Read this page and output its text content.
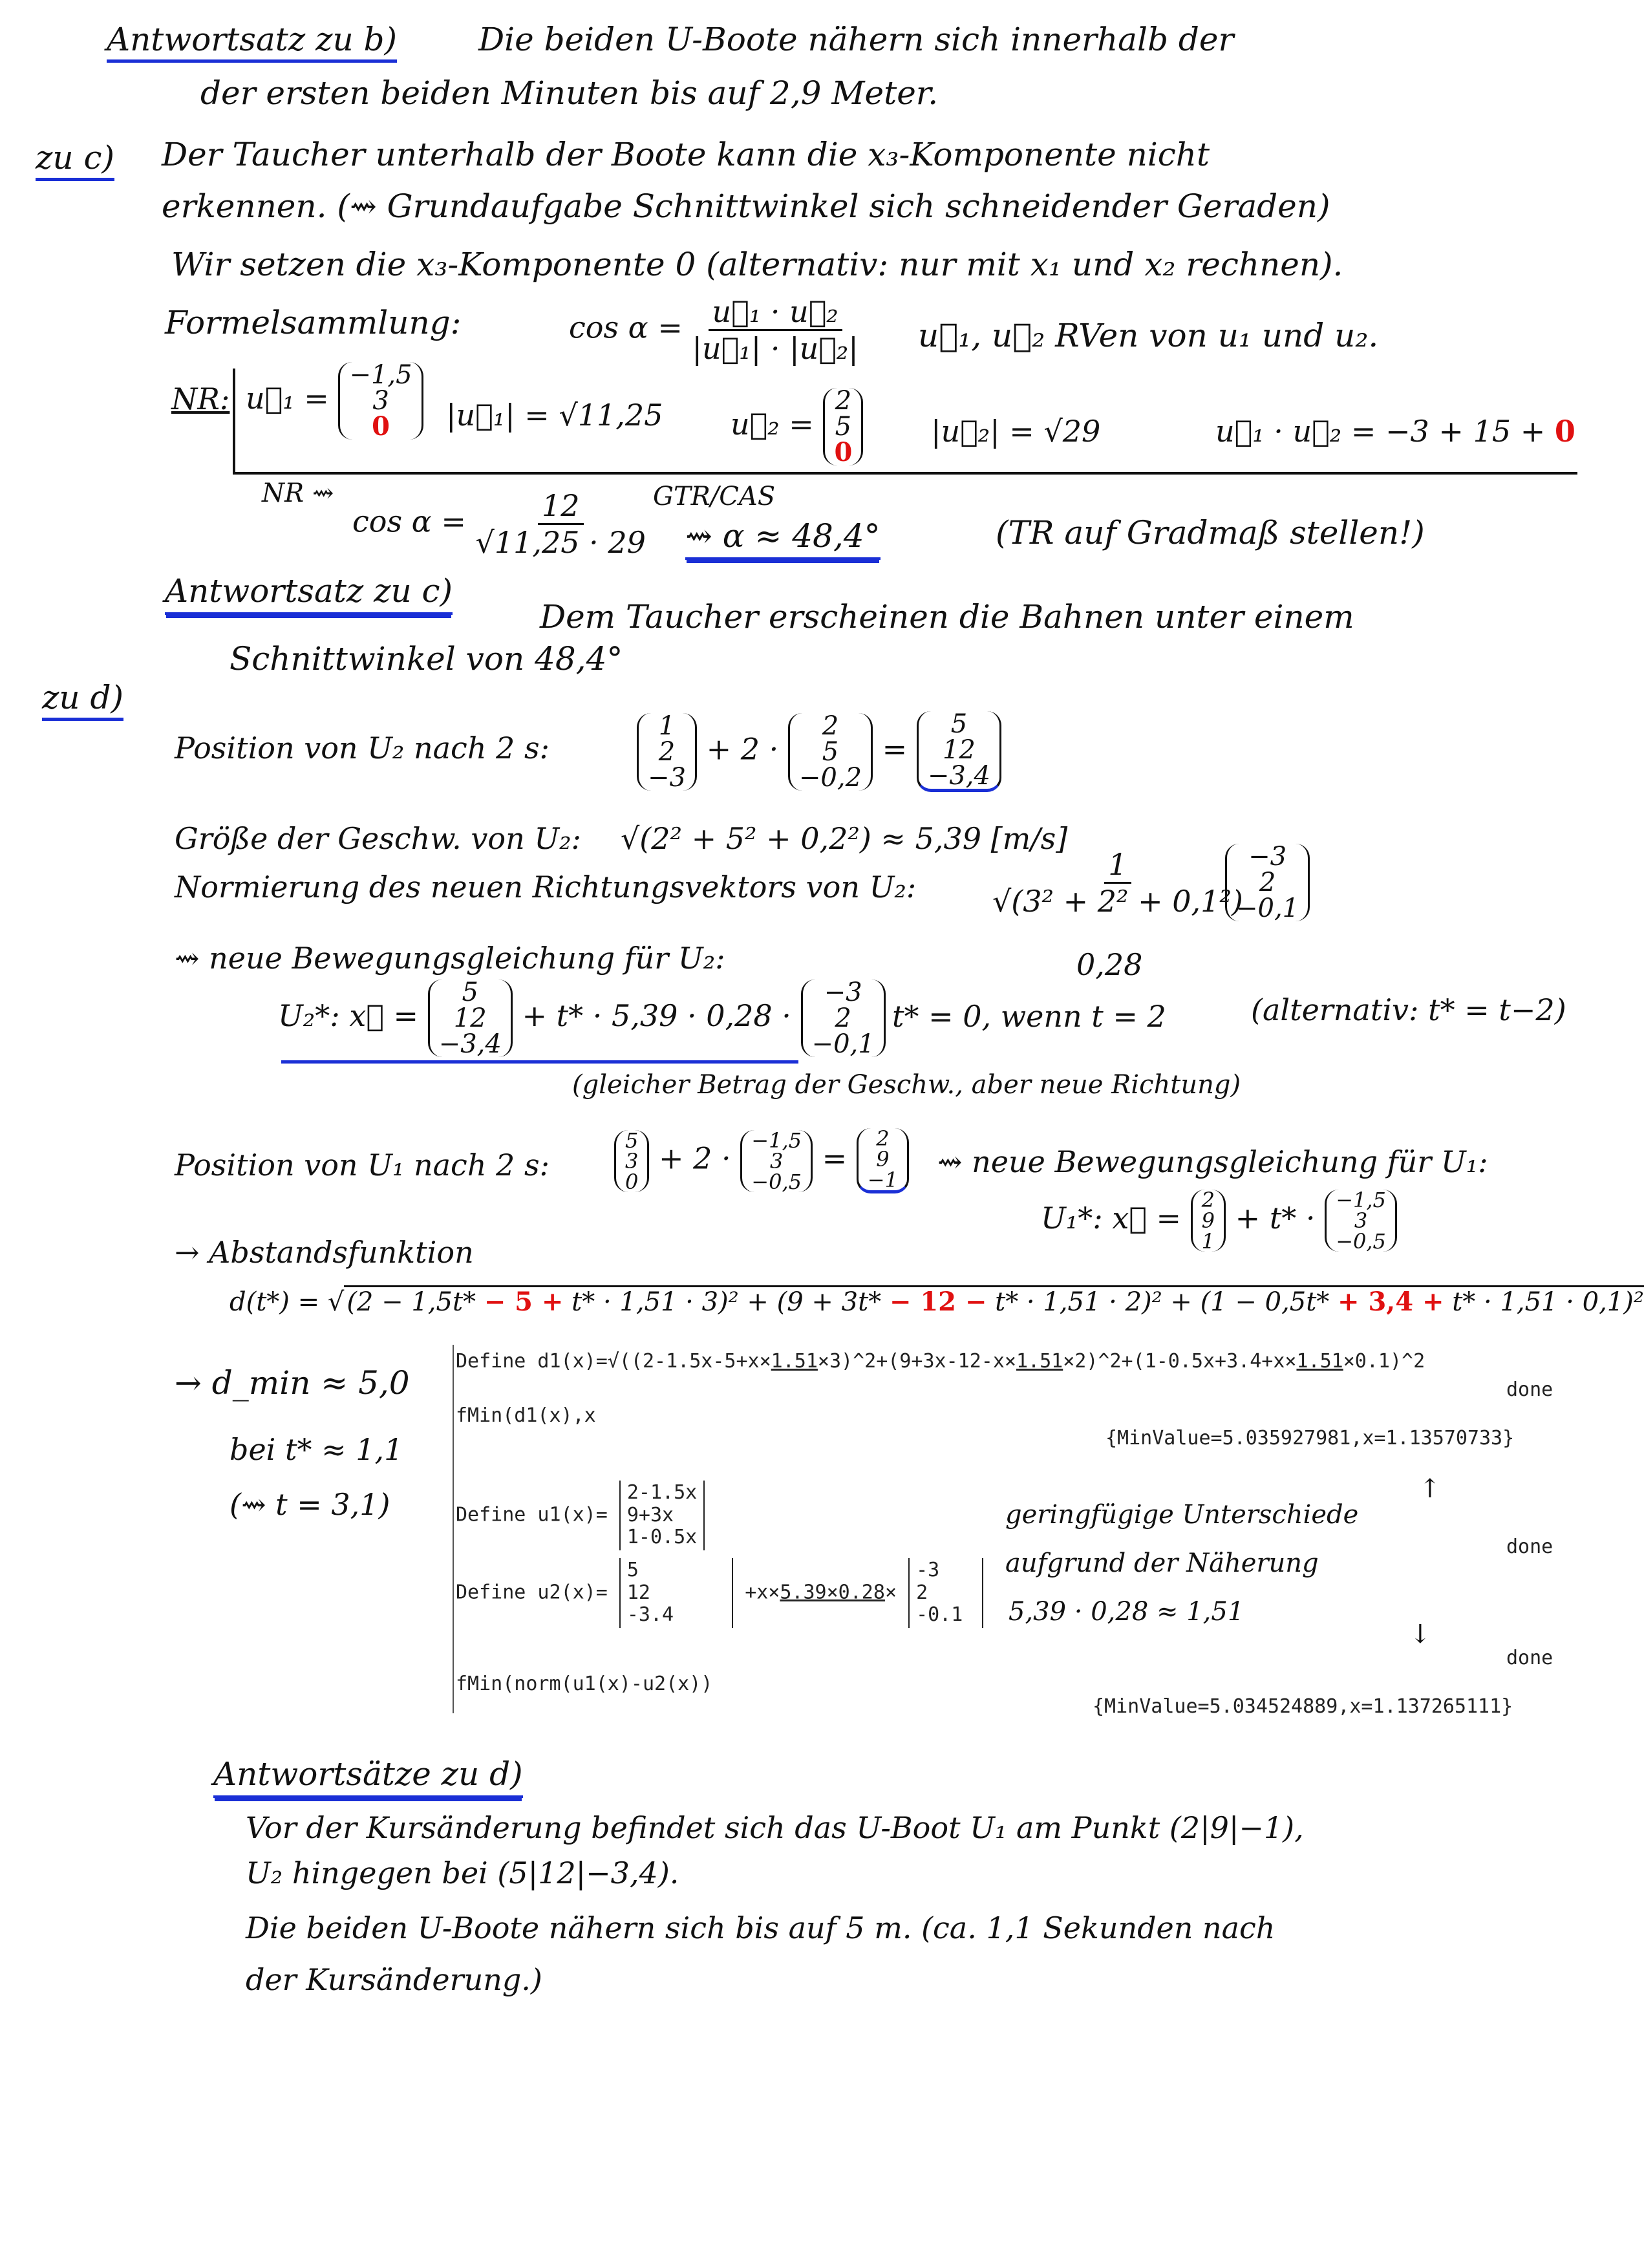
Antwortsatz zu b)	Die beiden U-Boote nähern sich innerhalb der
der ersten beiden Minuten bis auf 2,9 Meter.
zu c) Der Taucher unterhalb der Boote kann die x₃-Komponente nicht
erkennen. (⇝ Grundaufgabe Schnittwinkel sich schneidender Geraden)
Wir setzen die x₃-Komponente 0 (alternativ: nur mit x₁ und x₂ rechnen).
Formelsammlung:	$\cos \alpha = \frac{\text{u⃗₁ · u⃗₂}}{\text{|u⃗₁| · |u⃗₂|}}$ u⃗₁, u⃗₂ RVen von u₁ und u₂.
NR: u⃗₁ =
−1,5
3
0 |u⃗₁| = √11,25 u⃗₂ =
2
5
0
|u⃗₂| = √29	u⃗₁ · u⃗₂ = −3 + 15 + 0
NR ⇝
$\cos \alpha = \frac{12}{√11,25 \cdot 29} GTR/CAS$
⇝ α ≈ 48,4°	(TR auf Gradmaß stellen!)
Antwortsatz zu c)
Dem Taucher erscheinen die Bahnen unter einem
Schnittwinkel von 48,4°
zu d)
Position von U₂ nach 2 s:
1
2
−3
+ 2 ·
2
5
−0,2
=
5
12
−3,4
Größe der Geschw. von U₂: √(2² + 5² + 0,2²) ≈ 5,39 [m/s]
Normierung des neuen Richtungsvektors von U₂:	$\frac{1}{\text{√(3² + 2² + 0,1²)}} -3$
2
−0,1
0,28
⇝ neue Bewegungsgleichung für U₂:
U₂*: x⃗ =
5
12
−3,4
+ t* · 5,39 · 0,28 ·
−3
2
−0,1
t* = 0, wenn t = 2	(alternativ: t* = t−2)
(gleicher Betrag der Geschw., aber neue Richtung)
Position von U₁ nach 2 s:
5
3
0
+ 2 ·
−1,5
3
−0,5
=
2
9
−1
⇝ neue Bewegungsgleichung für U₁:
U₁*: x⃗ =
2
9
1
+ t* ·
−1,5
3
−0,5
→ Abstandsfunktion
d(t*) = √ (2 − 1,5t* − 5 + t* · 1,51 · 3)² + (9 + 3t* − 12 − t* · 1,51 · 2)² + (1 − 0,5t* + 3,4 + t* · 1,51 · 0,1)²
→ d_min ≈ 5,0
bei t* ≈ 1,1
(⇝ t = 3,1)
Define d1(x)=√((2-1.5x-5+x×1.51×3)^2+(9+3x-12-x×1.51×2)^2+(1-0.5x+3.4+x×1.51×0.1)^2
done
fMin(d1(x),x
{MinValue=5.035927981,x=1.13570733}
Define u1(x)=
2-1.5x
9+3x
1-0.5x	done
Define u2(x)=
5
12
-3.4
+x×5.39×0.28×
-3
2
-0.1
done
fMin(norm(u1(x)-u2(x))
{MinValue=5.034524889,x=1.137265111}
↑
geringfügige Unterschiede
aufgrund der Näherung
5,39 · 0,28 ≈ 1,51
↓
Antwortsätze zu d)
Vor der Kursänderung befindet sich das U-Boot U₁ am Punkt (2|9|−1),
U₂ hingegen bei (5|12|−3,4).
Die beiden U-Boote nähern sich bis auf 5 m. (ca. 1,1 Sekunden nach
der Kursänderung.)
